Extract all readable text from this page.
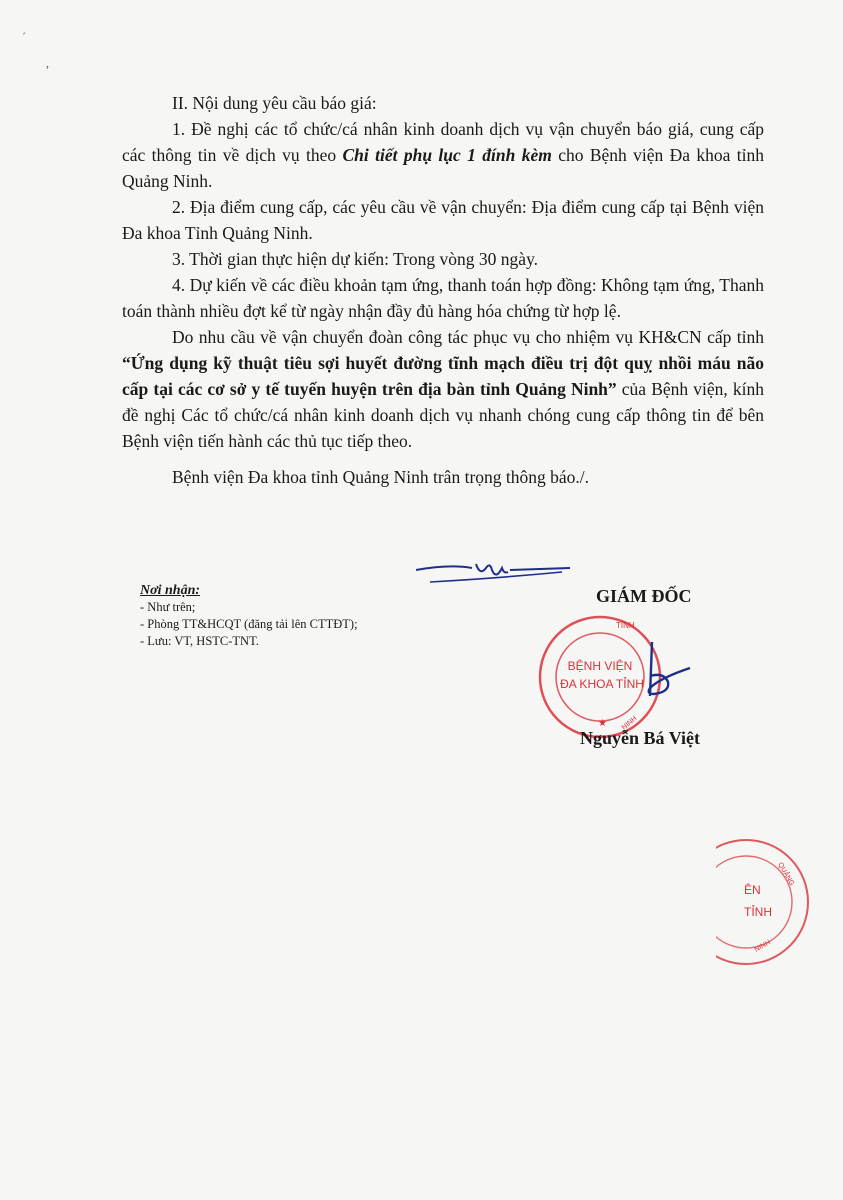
ˊ
,

II. Nội dung yêu cầu báo giá:

1. Đề nghị các tổ chức/cá nhân kinh doanh dịch vụ vận chuyển báo giá, cung cấp các thông tin về dịch vụ theo Chi tiết phụ lục 1 đính kèm cho Bệnh viện Đa khoa tỉnh Quảng Ninh.

2. Địa điểm cung cấp, các yêu cầu về vận chuyển: Địa điểm cung cấp tại Bệnh viện Đa khoa Tỉnh Quảng Ninh.

3. Thời gian thực hiện dự kiến: Trong vòng 30 ngày.

4. Dự kiến về các điều khoản tạm ứng, thanh toán hợp đồng: Không tạm ứng, Thanh toán thành nhiều đợt kể từ ngày nhận đầy đủ hàng hóa chứng từ hợp lệ.

Do nhu cầu về vận chuyển đoàn công tác phục vụ cho nhiệm vụ KH&CN cấp tỉnh “Ứng dụng kỹ thuật tiêu sợi huyết đường tĩnh mạch điều trị đột quỵ nhồi máu não cấp tại các cơ sở y tế tuyến huyện trên địa bàn tỉnh Quảng Ninh” của Bệnh viện, kính đề nghị Các tổ chức/cá nhân kinh doanh dịch vụ nhanh chóng cung cấp thông tin để bên Bệnh viện tiến hành các thủ tục tiếp theo.

Bệnh viện Đa khoa tỉnh Quảng Ninh trân trọng thông báo./.

Nơi nhận:
- Như trên;
- Phòng TT&HCQT (đăng tải lên CTTĐT);
- Lưu: VT, HSTC-TNT.
GIÁM ĐỐC
BỆNH VIỆN
ĐA KHOA TỈNH
TỈNH
NINH
★
Nguyễn Bá Việt
ÊN
TỈNH
QUẢNG
NINH
